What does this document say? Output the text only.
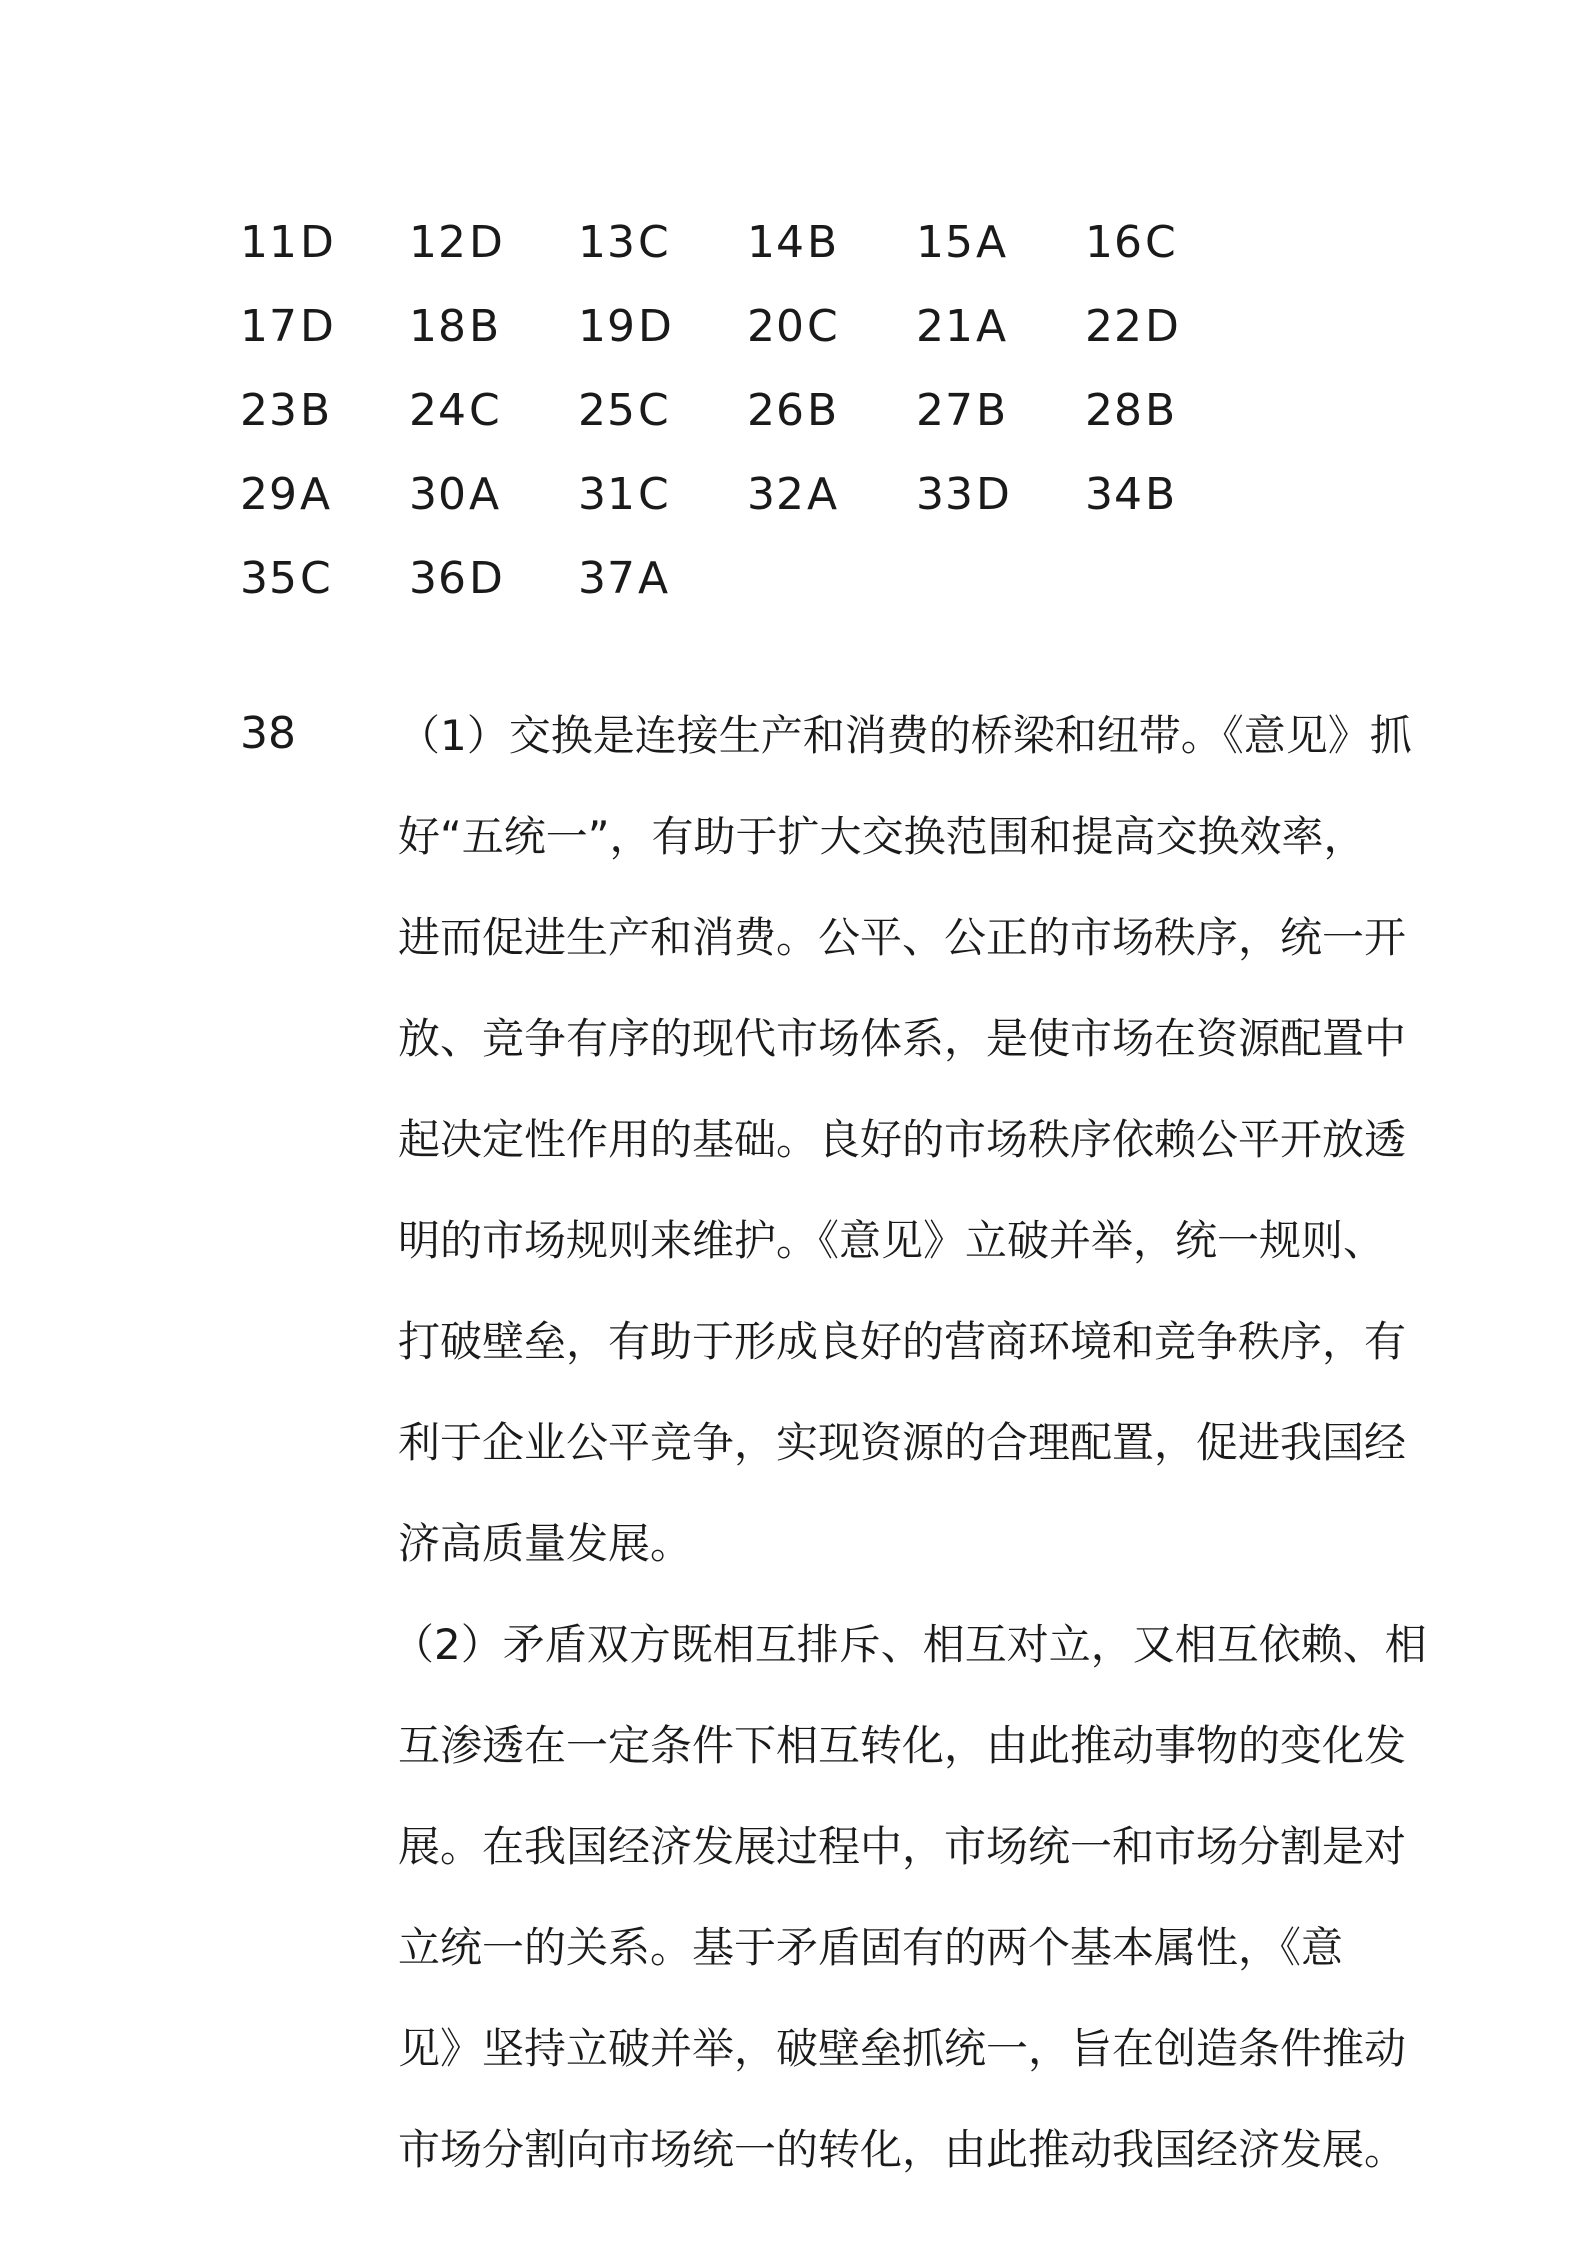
11D	12D	13C	14B	15A	16C
17D	18B	19D	20C	21A	22D
23B	24C	25C	26B	27B	28B
29A	30A	31C	32A	33D	34B
35C	36D	37A
38 （1）交换是连接生产和消费的桥梁和纽带。《意见》抓
好“五统一”，有助于扩大交换范围和提高交换效率，
进而促进生产和消费。公平、公正的市场秩序，统一开
放、竞争有序的现代市场体系，是使市场在资源配置中
起决定性作用的基础。良好的市场秩序依赖公平开放透
明的市场规则来维护。《意见》立破并举，统一规则、
打破壁垒，有助于形成良好的营商环境和竞争秩序，有
利于企业公平竞争，实现资源的合理配置，促进我国经
济高质量发展。
（2）矛盾双方既相互排斥、相互对立，又相互依赖、相
互渗透在一定条件下相互转化，由此推动事物的变化发
展。在我国经济发展过程中，市场统一和市场分割是对
立统一的关系。基于矛盾固有的两个基本属性，《意
见》坚持立破并举，破壁垒抓统一，旨在创造条件推动
市场分割向市场统一的转化，由此推动我国经济发展。
